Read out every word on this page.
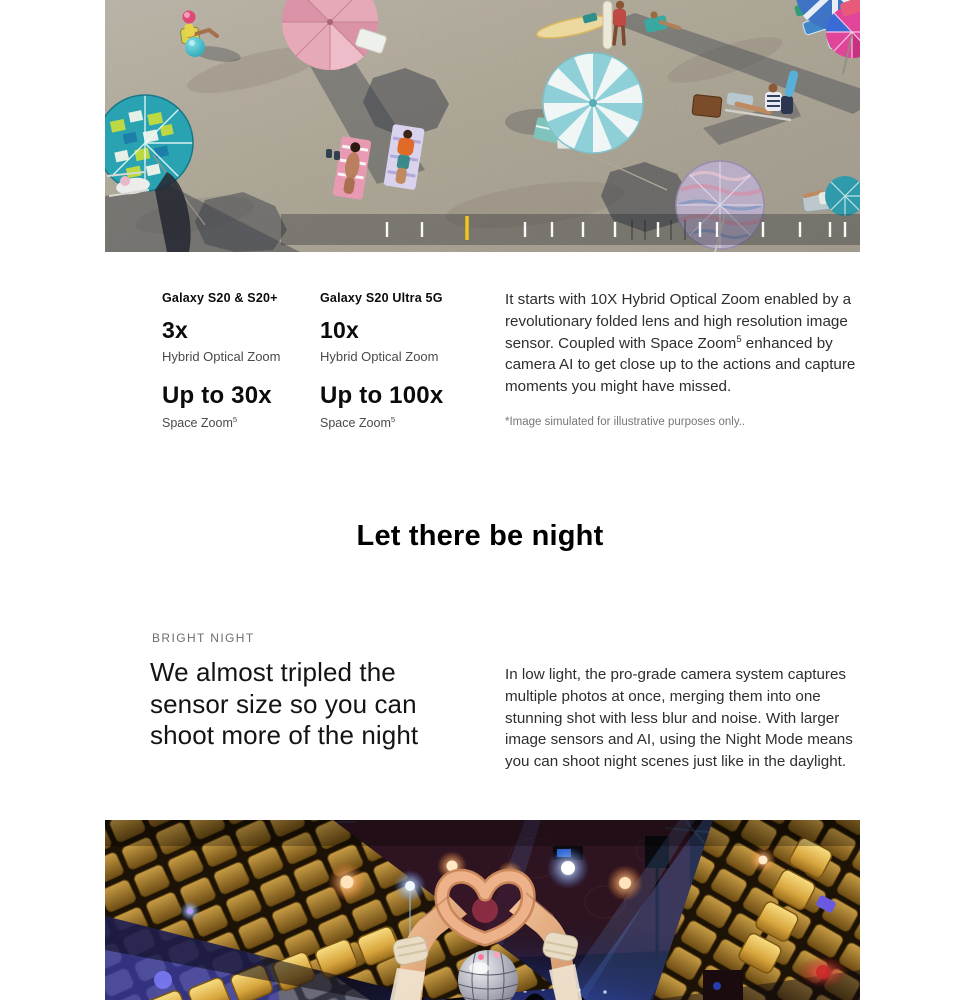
Galaxy S20 & S20+
3x
Hybrid Optical Zoom
Up to 30x
Space Zoom$^5$
Galaxy S20 Ultra 5G
10x
Hybrid Optical Zoom
Up to 100x
Space Zoom$^5$

It starts with 10X Hybrid Optical Zoom enabled by a revolutionary folded lens and high resolution image sensor. Coupled with Space Zoom$^5$ enhanced by camera AI to get close up to the actions and capture moments you might have missed.

*Image simulated for illustrative purposes only..

Let there be night
BRIGHT NIGHT
We almost tripled the
sensor size so you can
shoot more of the night

In low light, the pro-grade camera system captures multiple photos at once, merging them into one stunning shot with less blur and noise. With larger image sensors and AI, using the Night Mode means you can shoot night scenes just like in the daylight.
